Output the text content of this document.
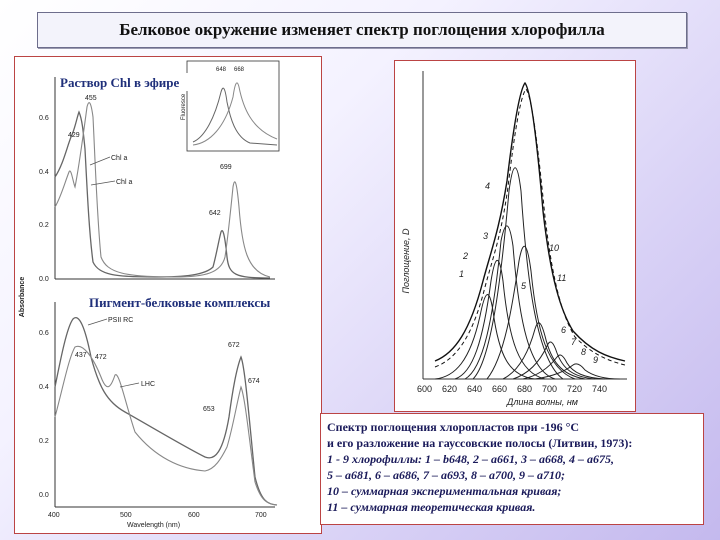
Белковое окружение изменяет спектр поглощения хлорофилла
0.6
0.4
0.2
0.0
0.6
0.4
0.2
0.0
Absorbance
400	500	600	700
Wavelength (nm)
455
429
699
642
Chl a
Chl a
Fluoresce
648 668
Раствор Chl в эфире
437 472
672
674
653
PSII RC
LHC
Пигмент-белковые комплексы
Поглощение, D
4
3
2
1
5
6
7
8
9
10
11
600 620 640 660 680 700 720 740
Длина волны, нм

Спектр поглощения хлоропластов при -196 °С

и его разложение на гауссовские полосы (Литвин, 1973):

1 - 9 хлорофиллы: 1 – b648, 2 – a661, 3 – a668, 4 – a675,

5 – a681, 6 – a686, 7 – a693, 8 – a700, 9 – a710;

10 – суммарная экспериментальная кривая;

11 – суммарная теоретическая кривая.
